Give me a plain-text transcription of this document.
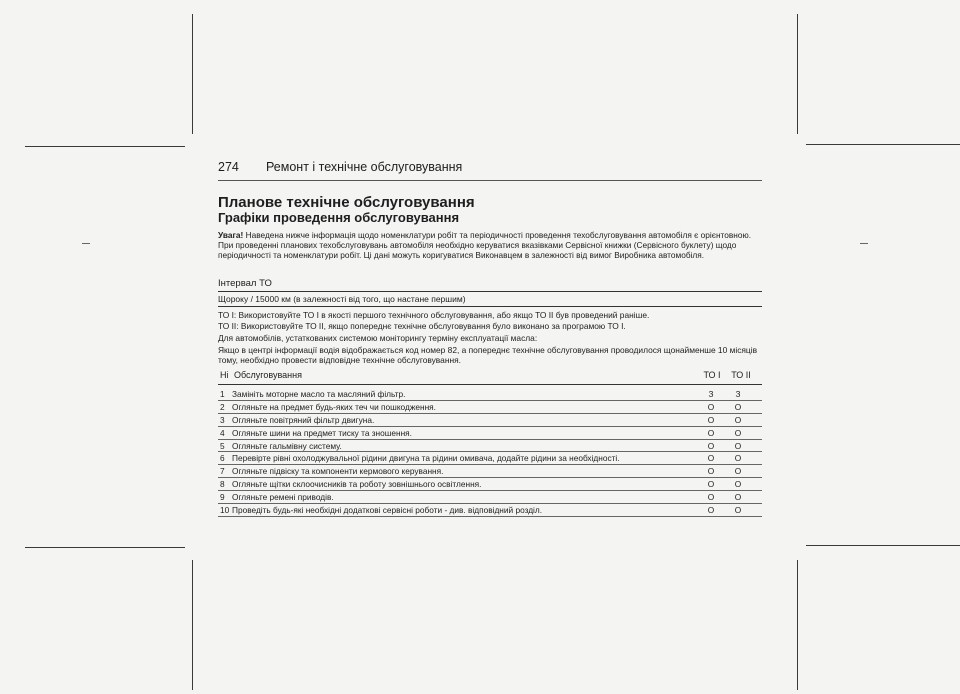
274 Ремонт і технічне обслуговування
Планове технічне обслуговування
Графіки проведення обслуговування
Увага! Наведена нижче інформація щодо номенклатури робіт та періодичності проведення техобслуговування автомобіля є орієнтовною. При проведенні планових техобслуговувань автомобіля необхідно керуватися вказівками Сервісної книжки (Сервісного буклету) щодо періодичності та номенклатури робіт. Ці дані можуть коригуватися Виконавцем в залежності від вимог Виробника автомобіля.
Інтервал ТО
Щороку / 15000 км (в залежності від того, що настане першим)
ТО I: Використовуйте ТО I в якості першого технічного обслуговування, або якщо ТО II був проведений раніше.
ТО II: Використовуйте ТО II, якщо попереднє технічне обслуговування було виконано за програмою ТО I.
Для автомобілів, устаткованих системою моніторингу терміну експлуатації масла:
Якщо в центрі інформації водія відображається код номер 82, а попереднє технічне обслуговування проводилося щонайменше 10 місяців тому, необхідно провести відповідне технічне обслуговування.
Ні Обслуговування	ТО I ТО II
1 Замініть моторне масло та масляний фільтр.	З	З
2 Огляньте на предмет будь-яких теч чи пошкодження.	О	О
3 Огляньте повітряний фільтр двигуна.	О	О
4 Огляньте шини на предмет тиску та зношення.	О	О
5 Огляньте гальмівну систему.	О	О
6 Перевірте рівні охолоджувальної рідини двигуна та рідини омивача, додайте рідини за необхідності.	О	О
7 Огляньте підвіску та компоненти кермового керування.	О	О
8 Огляньте щітки склоочисників та роботу зовнішнього освітлення.	О	О
9 Огляньте ремені приводів.	О	О
10 Проведіть будь-які необхідні додаткові сервісні роботи - див. відповідний розділ.	О	О
